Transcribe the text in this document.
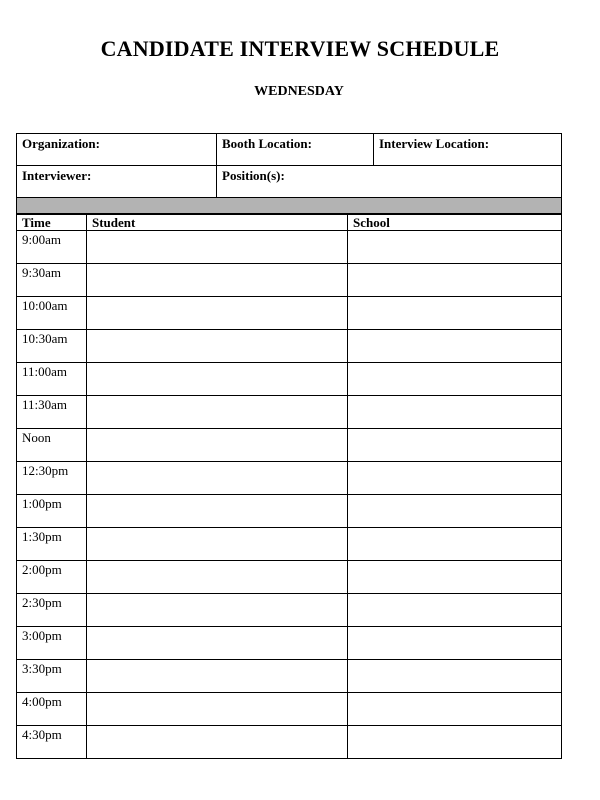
CANDIDATE INTERVIEW SCHEDULE
WEDNESDAY
Organization:	Booth Location:	Interview Location:

Interviewer:	Position(s):	

Time	Student	School
9:00am		
9:30am		
10:00am		
10:30am		
11:00am		
11:30am		
Noon		
12:30pm		
1:00pm		
1:30pm		
2:00pm		
2:30pm		
3:00pm		
3:30pm		
4:00pm		
4:30pm		
